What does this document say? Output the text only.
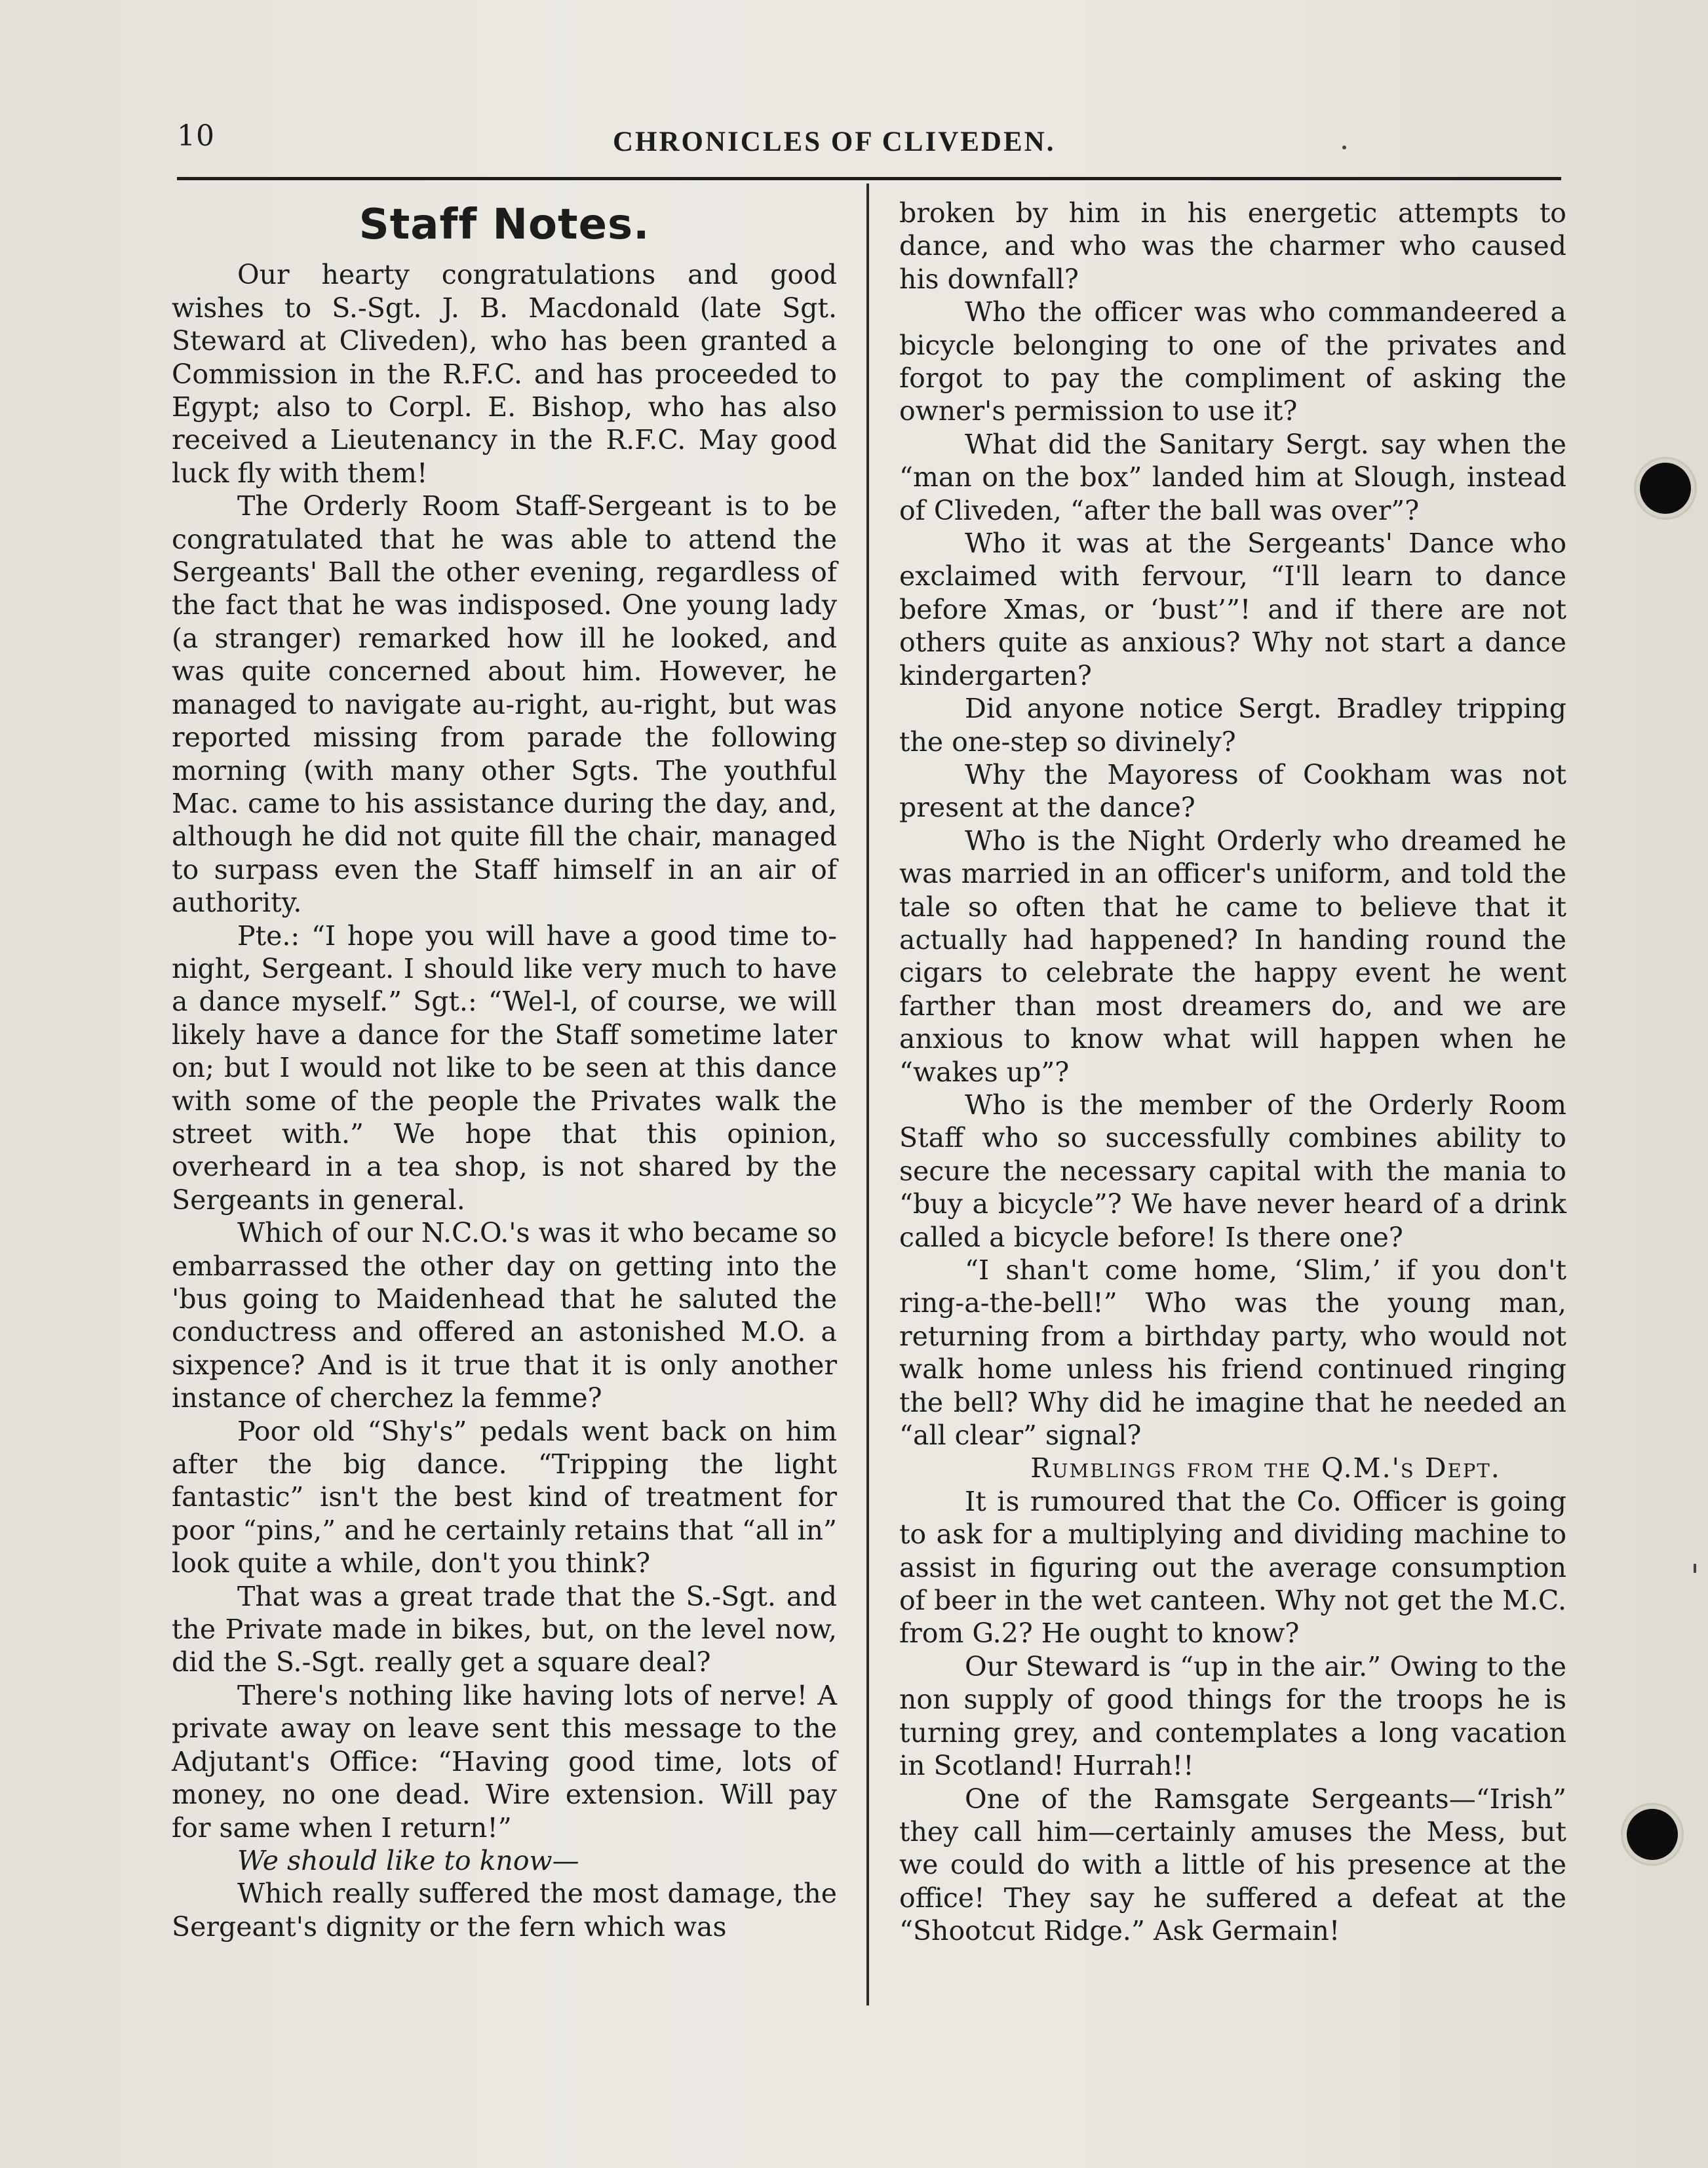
10	CHRONICLES OF CLIVEDEN.
Staff Notes.

Our hearty congratulations and good wishes to S.-Sgt. J. B. Macdonald (late Sgt. Steward at Cliveden), who has been granted a Commission in the R.F.C. and has proceeded to Egypt; also to Corpl. E. Bishop, who has also received a Lieutenancy in the R.F.C. May good luck fly with them!

The Orderly Room Staff-Sergeant is to be congratulated that he was able to attend the Sergeants' Ball the other evening, regardless of the fact that he was indisposed. One young lady (a stranger) remarked how ill he looked, and was quite concerned about him. However, he managed to navigate au-right, au-right, but was reported missing from parade the following morning (with many other Sgts. The youthful Mac. came to his assistance during the day, and, although he did not quite fill the chair, managed to surpass even the Staff himself in an air of authority.

Pte.: “I hope you will have a good time to-night, Sergeant. I should like very much to have a dance myself.” Sgt.: “Wel-l, of course, we will likely have a dance for the Staff sometime later on; but I would not like to be seen at this dance with some of the people the Privates walk the street with.” We hope that this opinion, overheard in a tea shop, is not shared by the Sergeants in general.

Which of our N.C.O.'s was it who became so embarrassed the other day on getting into the 'bus going to Maidenhead that he saluted the conductress and offered an astonished M.O. a sixpence? And is it true that it is only another instance of cherchez la femme?

Poor old “Shy's” pedals went back on him after the big dance. “Tripping the light fantastic” isn't the best kind of treatment for poor “pins,” and he certainly retains that “all in” look quite a while, don't you think?

That was a great trade that the S.-Sgt. and the Private made in bikes, but, on the level now, did the S.-Sgt. really get a square deal?

There's nothing like having lots of nerve! A private away on leave sent this message to the Adjutant's Office: “Having good time, lots of money, no one dead. Wire extension. Will pay for same when I return!”

We should like to know—

Which really suffered the most damage, the Sergeant's dignity or the fern which was

broken by him in his energetic attempts to dance, and who was the charmer who caused his downfall?

Who the officer was who commandeered a bicycle belonging to one of the privates and forgot to pay the compliment of asking the owner's permission to use it?

What did the Sanitary Sergt. say when the “man on the box” landed him at Slough, instead of Cliveden, “after the ball was over”?

Who it was at the Sergeants' Dance who exclaimed with fervour, “I'll learn to dance before Xmas, or ‘bust’”! and if there are not others quite as anxious? Why not start a dance kindergarten?

Did anyone notice Sergt. Bradley tripping the one-step so divinely?

Why the Mayoress of Cookham was not present at the dance?

Who is the Night Orderly who dreamed he was married in an officer's uniform, and told the tale so often that he came to believe that it actually had happened? In handing round the cigars to celebrate the happy event he went farther than most dreamers do, and we are anxious to know what will happen when he “wakes up”?

Who is the member of the Orderly Room Staff who so successfully combines ability to secure the necessary capital with the mania to “buy a bicycle”? We have never heard of a drink called a bicycle before! Is there one?

“I shan't come home, ‘Slim,’ if you don't ring-a-the-bell!” Who was the young man, returning from a birthday party, who would not walk home unless his friend continued ringing the bell? Why did he imagine that he needed an “all clear” signal?

Rumblings from the Q.M.'s Dept.

It is rumoured that the Co. Officer is going to ask for a multiplying and dividing machine to assist in figuring out the average consumption of beer in the wet canteen. Why not get the M.C. from G.2? He ought to know?

Our Steward is “up in the air.” Owing to the non supply of good things for the troops he is turning grey, and contemplates a long vacation in Scotland! Hurrah!!

One of the Ramsgate Sergeants—“Irish” they call him—certainly amuses the Mess, but we could do with a little of his presence at the office! They say he suffered a defeat at the “Shootcut Ridge.” Ask Germain!
